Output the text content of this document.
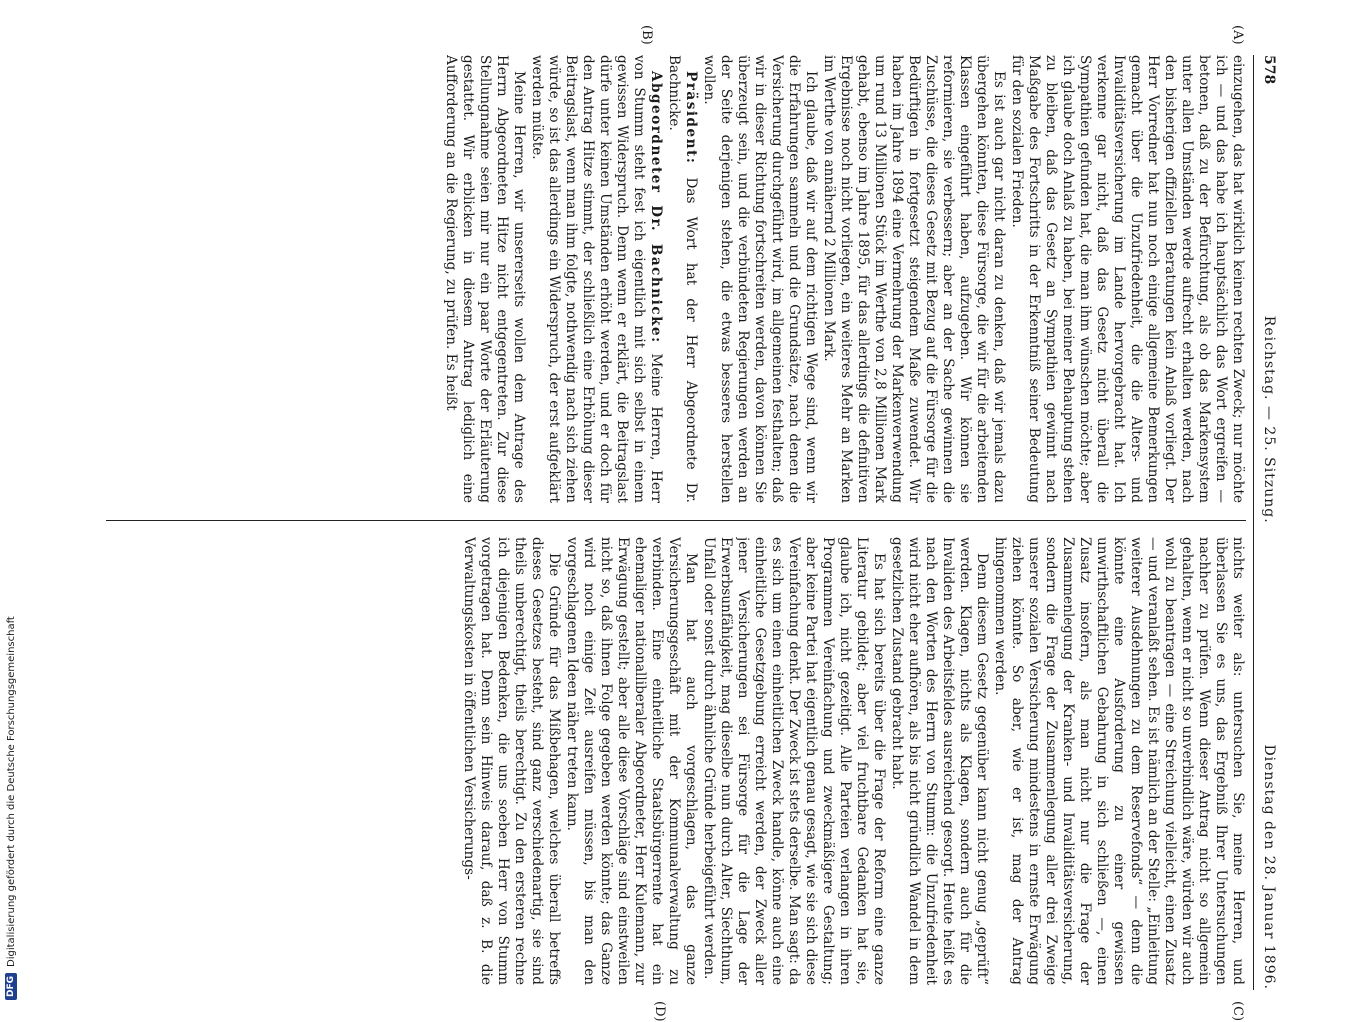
DFG
Digitalisierung gefördert durch die Deutsche Forschungsgemeinschaft
578
Reichstag. — 25. Sitzung.
Dienstag den 28. Januar 1896.
(A)
(B)
(C)
(D)

einzugehen, das hat wirklich keinen rechten Zweck; nur möchte ich — und das habe ich hauptsächlich das Wort ergreifen — betonen, daß zu der Befürchtung, als ob das Markensystem unter allen Umständen werde aufrecht erhalten werden, nach den bisherigen offiziellen Beratungen kein Anlaß vorliegt. Der Herr Vorredner hat nun noch einige allgemeine Bemerkungen gemacht über die Unzufriedenheit, die die Alters- und Invaliditätsversicherung im Lande hervorgebracht hat. Ich verkenne gar nicht, daß das Gesetz nicht überall die Sympathien gefunden hat, die man ihm wünschen möchte; aber ich glaube doch Anlaß zu haben, bei meiner Behauptung stehen zu bleiben, daß das Gesetz an Sympathien gewinnt nach Maßgabe des Fortschritts in der Erkenntniß seiner Bedeutung für den sozialen Frieden.

Es ist auch gar nicht daran zu denken, daß wir jemals dazu übergehen könnten, diese Fürsorge, die wir für die arbeitenden Klassen eingeführt haben, aufzugeben. Wir können sie reformieren, sie verbessern; aber an der Sache gewinnen die Zuschüsse, die dieses Gesetz mit Bezug auf die Fürsorge für die Bedürftigen in fortgesetzt steigendem Maße zuwendet. Wir haben im Jahre 1894 eine Vermehrung der Markenverwendung um rund 13 Millionen Stück im Werthe von 2,8 Millionen Mark gehabt, ebenso im Jahre 1895, für das allerdings die definitiven Ergebnisse noch nicht vorliegen, ein weiteres Mehr an Marken im Werthe von annähernd 2 Millionen Mark.

Ich glaube, daß wir auf dem richtigen Wege sind, wenn wir die Erfahrungen sammeln und die Grundsätze, nach denen die Versicherung durchgeführt wird, im allgemeinen festhalten; daß wir in dieser Richtung fortschreiten werden, davon können Sie überzeugt sein, und die verbündeten Regierungen werden an der Seite derjenigen stehen, die etwas besseres herstellen wollen.

Präsident: Das Wort hat der Herr Abgeordnete Dr. Bachnicke.

Abgeordneter Dr. Bachnicke: Meine Herren, Herr von Stumm steht fest ich eigentlich mit sich selbst in einem gewissen Widerspruch. Denn wenn er erklärt, die Beitragslast dürfe unter keinen Umständen erhöht werden, und er doch für den Antrag Hitze stimmt, der schließlich eine Erhöhung dieser Beitragslast, wenn man ihm folgte, nothwendig nach sich ziehen würde, so ist das allerdings ein Widerspruch, der erst aufgeklärt werden müßte.

Meine Herren, wir unsererseits wollen dem Antrage des Herrn Abgeordneten Hitze nicht entgegentreten. Zur diese Stellungnahme seien mir nur ein paar Worte der Erläuterung gestattet. Wir erblicken in diesem Antrag lediglich eine Aufforderung an die Regierung, zu prüfen. Es heißt

nichts weiter als: untersuchen Sie, meine Herren, und überlassen Sie es uns, das Ergebniß Ihrer Untersuchungen nachher zu prüfen. Wenn dieser Antrag nicht so allgemein gehalten, wenn er nicht so unverbindlich wäre, würden wir auch wohl zu beantragen — eine Streichung vielleicht, einen Zusatz — und veranlaßt sehen. Es ist nämlich an der Stelle: „Einleitung weiterer Ausdehnungen zu dem Reservefonds“ — denn die könnte eine Ausforderung zu einer gewissen unwirthschaftlichen Gebahrung in sich schließen —, einen Zusatz insofern, als man nicht nur die Frage der Zusammenlegung der Kranken- und Invaliditätsversicherung, sondern die Frage der Zusammenlegung aller drei Zweige unserer sozialen Versicherung mindestens in ernste Erwägung ziehen könnte. So aber, wie er ist, mag der Antrag hingenommen werden.

Denn diesem Gesetz gegenüber kann nicht genug „geprüft“ werden. Klagen, nichts als Klagen, sondern auch für die Invaliden des Arbeitsfeldes ausreichend gesorgt. Heute heißt es nach den Worten des Herrn von Stumm: die Unzufriedenheit wird nicht eher aufhören, als bis nicht gründlich Wandel in dem gesetzlichen Zustand gebracht habt.

Es hat sich bereits über die Frage der Reform eine ganze Literatur gebildet; aber viel fruchtbare Gedanken hat sie, glaube ich, nicht gezeitigt. Alle Parteien verlangen in ihren Programmen Vereinfachung und zweckmäßigere Gestaltung; aber keine Partei hat eigentlich genau gesagt, wie sie sich diese Vereinfachung denkt. Der Zweck ist stets derselbe. Man sagt: da es sich um einen einheitlichen Zweck handle, könne auch eine einheitliche Gesetzgebung erreicht werden, der Zweck aller jener Versicherungen sei Fürsorge für die Lage der Erwerbsunfähigkeit, mag dieselbe nun durch Alter, Siechthum, Unfall oder sonst durch ähnliche Gründe herbeigeführt werden.

Man hat auch vorgeschlagen, das ganze Versicherungsgeschäft mit der Kommunalverwaltung zu verbinden. Eine einheitliche Staatsbürgerrente hat ein ehemaliger nationalliberaler Abgeordneter, Herr Kulemann, zur Erwägung gestellt; aber alle diese Vorschläge sind einstweilen nicht so, daß ihnen Folge gegeben werden könnte; das Ganze wird noch einige Zeit ausreifen müssen, bis man den vorgeschlagenen Ideen näher treten kann.

Die Gründe für das Mißbehagen, welches überall betreffs dieses Gesetzes besteht, sind ganz verschiedenartig, sie sind theils unberechtigt, theils berechtigt. Zu den ersteren rechne ich diejenigen Bedenken, die uns soeben Herr von Stumm vorgetragen hat. Denn sein Hinweis darauf, daß z. B. die Verwaltungskosten in öffentlichen Versicherungs-
